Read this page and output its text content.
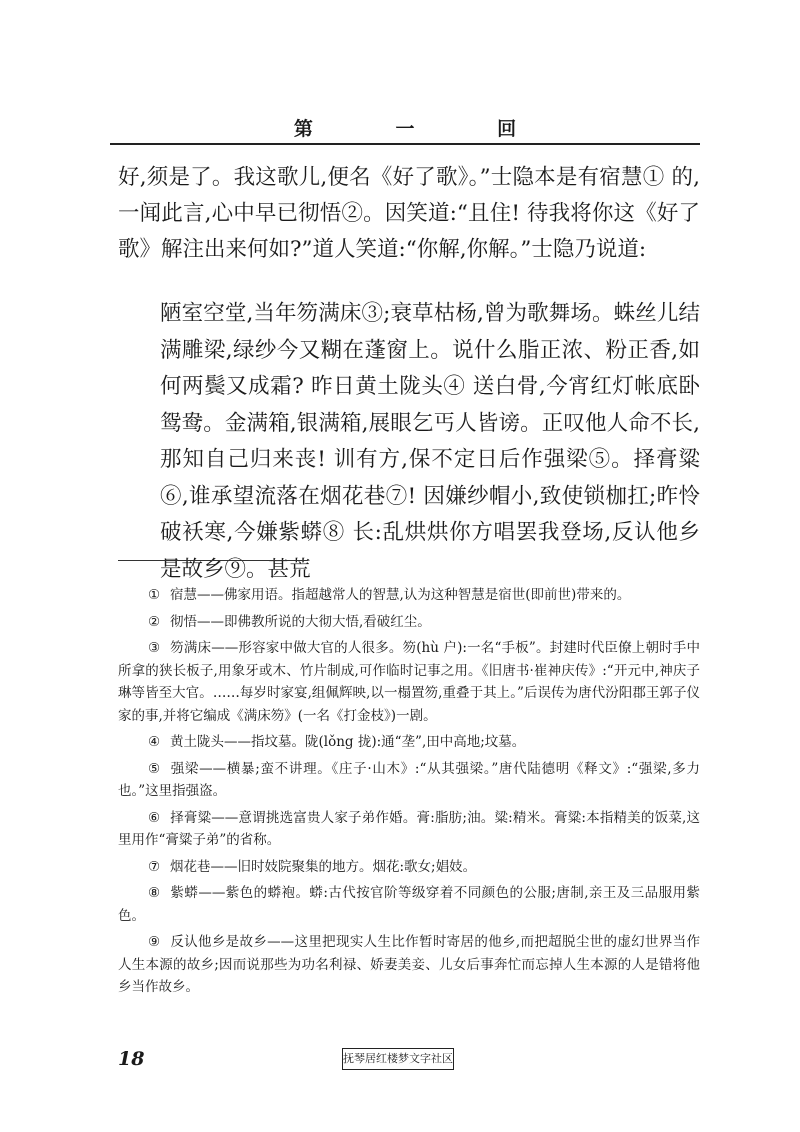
第	一	回

好,须是了。我这歌儿,便名《好了歌》。”士隐本是有宿慧① 的,一闻此言,心中早已彻悟②。因笑道:“且住! 待我将你这《好了歌》解注出来何如?”道人笑道:“你解,你解。”士隐乃说道:

陋室空堂,当年笏满床③;衰草枯杨,曾为歌舞场。蛛丝儿结满雕梁,绿纱今又糊在蓬窗上。说什么脂正浓、粉正香,如何两鬓又成霜? 昨日黄土陇头④ 送白骨,今宵红灯帐底卧鸳鸯。金满箱,银满箱,展眼乞丐人皆谤。正叹他人命不长,那知自己归来丧! 训有方,保不定日后作强梁⑤。择膏粱⑥,谁承望流落在烟花巷⑦! 因嫌纱帽小,致使锁枷扛;昨怜破袄寒,今嫌紫蟒⑧ 长:乱烘烘你方唱罢我登场,反认他乡是故乡⑨。甚荒

① 宿慧——佛家用语。指超越常人的智慧,认为这种智慧是宿世(即前世)带来的。

② 彻悟——即佛教所说的大彻大悟,看破红尘。

③ 笏满床——形容家中做大官的人很多。笏(hù 户):一名“手板”。封建时代臣僚上朝时手中所拿的狭长板子,用象牙或木、竹片制成,可作临时记事之用。《旧唐书·崔神庆传》:“开元中,神庆子琳等皆至大官。……每岁时家宴,组佩辉映,以一榻置笏,重叠于其上。”后误传为唐代汾阳郡王郭子仪家的事,并将它编成《满床笏》(一名《打金枝》)一剧。

④ 黄土陇头——指坟墓。陇(lǒng 拢):通“垄”,田中高地;坟墓。

⑤ 强梁——横暴;蛮不讲理。《庄子·山木》:“从其强梁。”唐代陆德明《释文》:“强梁,多力也。”这里指强盗。

⑥ 择膏粱——意谓挑选富贵人家子弟作婚。膏:脂肪;油。粱:精米。膏粱:本指精美的饭菜,这里用作“膏粱子弟”的省称。

⑦ 烟花巷——旧时妓院聚集的地方。烟花:歌女;娼妓。

⑧ 紫蟒——紫色的蟒袍。蟒:古代按官阶等级穿着不同颜色的公服;唐制,亲王及三品服用紫色。

⑨ 反认他乡是故乡——这里把现实人生比作暂时寄居的他乡,而把超脱尘世的虚幻世界当作人生本源的故乡;因而说那些为功名利禄、娇妻美妾、儿女后事奔忙而忘掉人生本源的人是错将他乡当作故乡。

18	抚琴居红楼梦文字社区
